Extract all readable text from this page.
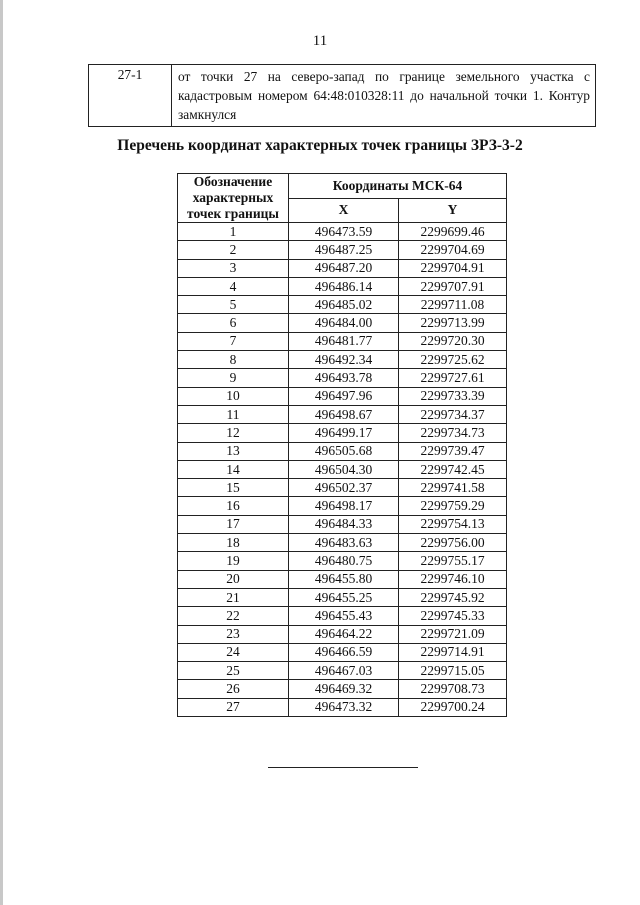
11
27-1	от точки 27 на северо-запад по границе земельного участка с кадастровым номером 64:48:010328:11 до начальной точки 1. Контур замкнулся
Перечень координат характерных точек границы ЗРЗ-3-2
Обозначение характерных точек границы	Координаты МСК-64	
	X	Y
1	496473.59	2299699.46
2	496487.25	2299704.69
3	496487.20	2299704.91
4	496486.14	2299707.91
5	496485.02	2299711.08
6	496484.00	2299713.99
7	496481.77	2299720.30
8	496492.34	2299725.62
9	496493.78	2299727.61
10	496497.96	2299733.39
11	496498.67	2299734.37
12	496499.17	2299734.73
13	496505.68	2299739.47
14	496504.30	2299742.45
15	496502.37	2299741.58
16	496498.17	2299759.29
17	496484.33	2299754.13
18	496483.63	2299756.00
19	496480.75	2299755.17
20	496455.80	2299746.10
21	496455.25	2299745.92
22	496455.43	2299745.33
23	496464.22	2299721.09
24	496466.59	2299714.91
25	496467.03	2299715.05
26	496469.32	2299708.73
27	496473.32	2299700.24
